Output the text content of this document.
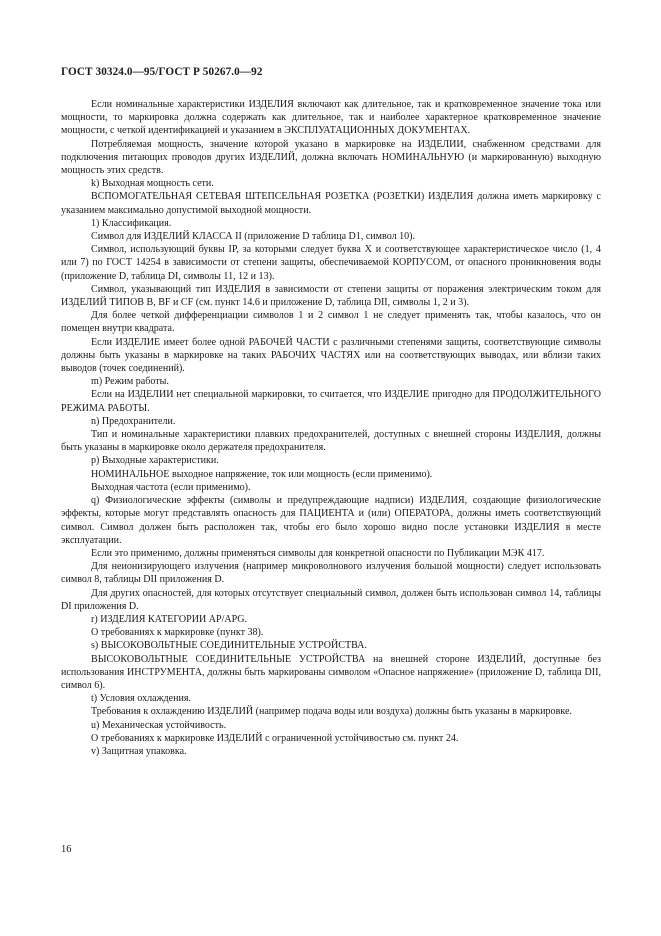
ГОСТ 30324.0—95/ГОСТ Р 50267.0—92

Если номинальные характеристики ИЗДЕЛИЯ включают как длительное, так и кратковременное значение тока или мощности, то маркировка должна содержать как длительное, так и наиболее характерное кратковременное значение мощности, с четкой идентификацией и указанием в ЭКСПЛУАТАЦИОННЫХ ДОКУМЕНТАХ.

Потребляемая мощность, значение которой указано в маркировке на ИЗДЕЛИИ, снабженном средствами для подключения питающих проводов других ИЗДЕЛИЙ, должна включать НОМИНАЛЬНУЮ (и маркированную) выходную мощность этих средств.

k) Выходная мощность сети.

ВСПОМОГАТЕЛЬНАЯ СЕТЕВАЯ ШТЕПСЕЛЬНАЯ РОЗЕТКА (РОЗЕТКИ) ИЗДЕЛИЯ должна иметь маркировку с указанием максимально допустимой выходной мощности.

1) Классификация.

Символ для ИЗДЕЛИЙ КЛАССА II (приложение D таблица D1, символ 10).

Символ, использующий буквы IP, за которыми следует буква X и соответствующее характеристическое число (1, 4 или 7) по ГОСТ 14254 в зависимости от степени защиты, обеспечиваемой КОРПУСОМ, от опасного проникновения воды (приложение D, таблица DI, символы 11, 12 и 13).

Символ, указывающий тип ИЗДЕЛИЯ в зависимости от степени защиты от поражения электрическим током для ИЗДЕЛИЙ ТИПОВ В, BF и CF (см. пункт 14.6 и приложение D, таблица DII, символы 1, 2 и 3).

Для более четкой дифференциации символов 1 и 2 символ 1 не следует применять так, чтобы казалось, что он помещен внутри квадрата.

Если ИЗДЕЛИЕ имеет более одной РАБОЧЕЙ ЧАСТИ с различными степенями защиты, соответствующие символы должны быть указаны в маркировке на таких РАБОЧИХ ЧАСТЯХ или на соответствующих выводах, или вблизи таких выводов (точек соединений).

m) Режим работы.

Если на ИЗДЕЛИИ нет специальной маркировки, то считается, что ИЗДЕЛИЕ пригодно для ПРОДОЛЖИТЕЛЬНОГО РЕЖИМА РАБОТЫ.

n) Предохранители.

Тип и номинальные характеристики плавких предохранителей, доступных с внешней стороны ИЗДЕЛИЯ, должны быть указаны в маркировке около держателя предохранителя.

р) Выходные характеристики.

НОМИНАЛЬНОЕ выходное напряжение, ток или мощность (если применимо).

Выходная частота (если применимо).

q) Физиологические эффекты (символы и предупреждающие надписи) ИЗДЕЛИЯ, создающие физиологические эффекты, которые могут представлять опасность для ПАЦИЕНТА и (или) ОПЕРАТОРА, должны иметь соответствующий символ. Символ должен быть расположен так, чтобы его было хорошо видно после установки ИЗДЕЛИЯ в месте эксплуатации.

Если это применимо, должны применяться символы для конкретной опасности по Публикации МЭК 417.

Для неионизирующего излучения (например микроволнового излучения большой мощности) следует использовать символ 8, таблицы DII приложения D.

Для других опасностей, для которых отсутствует специальный символ, должен быть использован символ 14, таблицы DI приложения D.

r) ИЗДЕЛИЯ КАТЕГОРИИ АР/APG.

О требованиях к маркировке (пункт 38).

s) ВЫСОКОВОЛЬТНЫЕ СОЕДИНИТЕЛЬНЫЕ УСТРОЙСТВА.

ВЫСОКОВОЛЬТНЫЕ СОЕДИНИТЕЛЬНЫЕ УСТРОЙСТВА на внешней стороне ИЗДЕЛИЙ, доступные без использования ИНСТРУМЕНТА, должны быть маркированы символом «Опасное напряжение» (приложение D, таблица DII, символ 6).

t) Условия охлаждения.

Требования к охлаждению ИЗДЕЛИЙ (например подача воды или воздуха) должны быть указаны в маркировке.

u) Механическая устойчивость.

О требованиях к маркировке ИЗДЕЛИЙ с ограниченной устойчивостью см. пункт 24.

v) Защитная упаковка.

16
